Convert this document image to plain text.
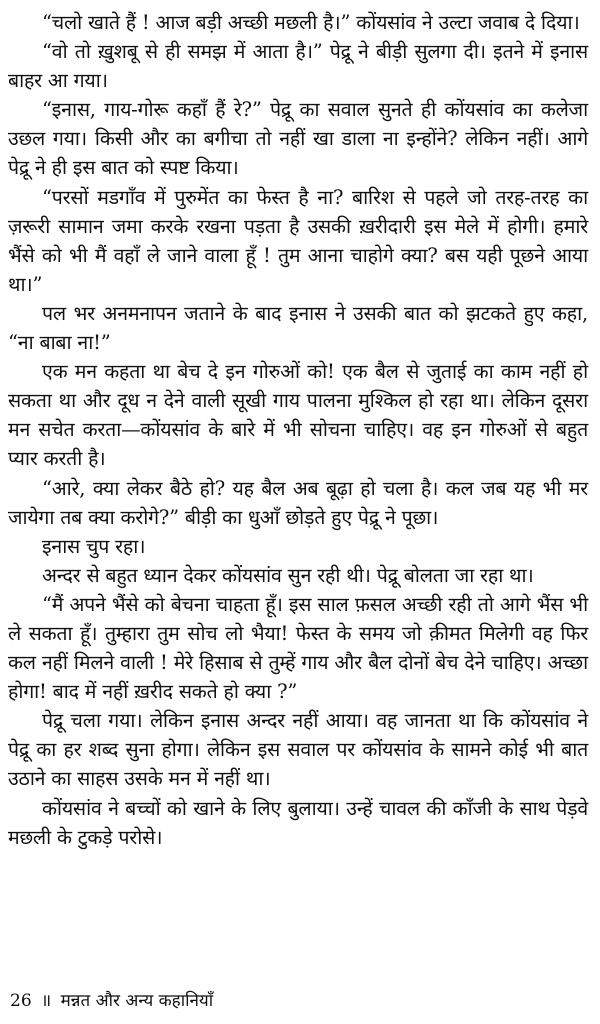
“चलो खाते हैं ! आज बड़ी अच्छी मछली है।” कोंयसांव ने उल्टा जवाब दे दिया।

“वो तो ख़ुशबू से ही समझ में आता है।” पेद्रू ने बीड़ी सुलगा दी। इतने में इनास बाहर आ गया।

“इनास, गाय-गोरू कहाँ हैं रे?” पेद्रू का सवाल सुनते ही कोंयसांव का कलेजा उछल गया। किसी और का बगीचा तो नहीं खा डाला ना इन्होंने? लेकिन नहीं। आगे पेद्रू ने ही इस बात को स्पष्ट किया।

“परसों मडगाँव में पुरुमेंत का फेस्त है ना? बारिश से पहले जो तरह-तरह का ज़रूरी सामान जमा करके रखना पड़ता है उसकी ख़रीदारी इस मेले में होगी। हमारे भैंसे को भी मैं वहाँ ले जाने वाला हूँ ! तुम आना चाहोगे क्या? बस यही पूछने आया था।”

पल भर अनमनापन जताने के बाद इनास ने उसकी बात को झटकते हुए कहा, “ना बाबा ना!”

एक मन कहता था बेच दे इन गोरुओं को! एक बैल से जुताई का काम नहीं हो सकता था और दूध न देने वाली सूखी गाय पालना मुश्किल हो रहा था। लेकिन दूसरा मन सचेत करता—कोंयसांव के बारे में भी सोचना चाहिए। वह इन गोरुओं से बहुत प्यार करती है।

“आरे, क्या लेकर बैठे हो? यह बैल अब बूढ़ा हो चला है। कल जब यह भी मर जायेगा तब क्या करोगे?” बीड़ी का धुआँ छोड़ते हुए पेद्रू ने पूछा।

इनास चुप रहा।

अन्दर से बहुत ध्यान देकर कोंयसांव सुन रही थी। पेद्रू बोलता जा रहा था।

“मैं अपने भैंसे को बेचना चाहता हूँ। इस साल फ़सल अच्छी रही तो आगे भैंस भी ले सकता हूँ। तुम्हारा तुम सोच लो भैया! फेस्त के समय जो क़ीमत मिलेगी वह फिर कल नहीं मिलने वाली ! मेरे हिसाब से तुम्हें गाय और बैल दोनों बेच देने चाहिए। अच्छा होगा! बाद में नहीं ख़रीद सकते हो क्या ?”

पेद्रू चला गया। लेकिन इनास अन्दर नहीं आया। वह जानता था कि कोंयसांव ने पेद्रू का हर शब्द सुना होगा। लेकिन इस सवाल पर कोंयसांव के सामने कोई भी बात उठाने का साहस उसके मन में नहीं था।

कोंयसांव ने बच्चों को खाने के लिए बुलाया। उन्हें चावल की काँजी के साथ पेड़वे मछली के टुकड़े परोसे।

26 ॥ मन्नत और अन्य कहानियाँ
